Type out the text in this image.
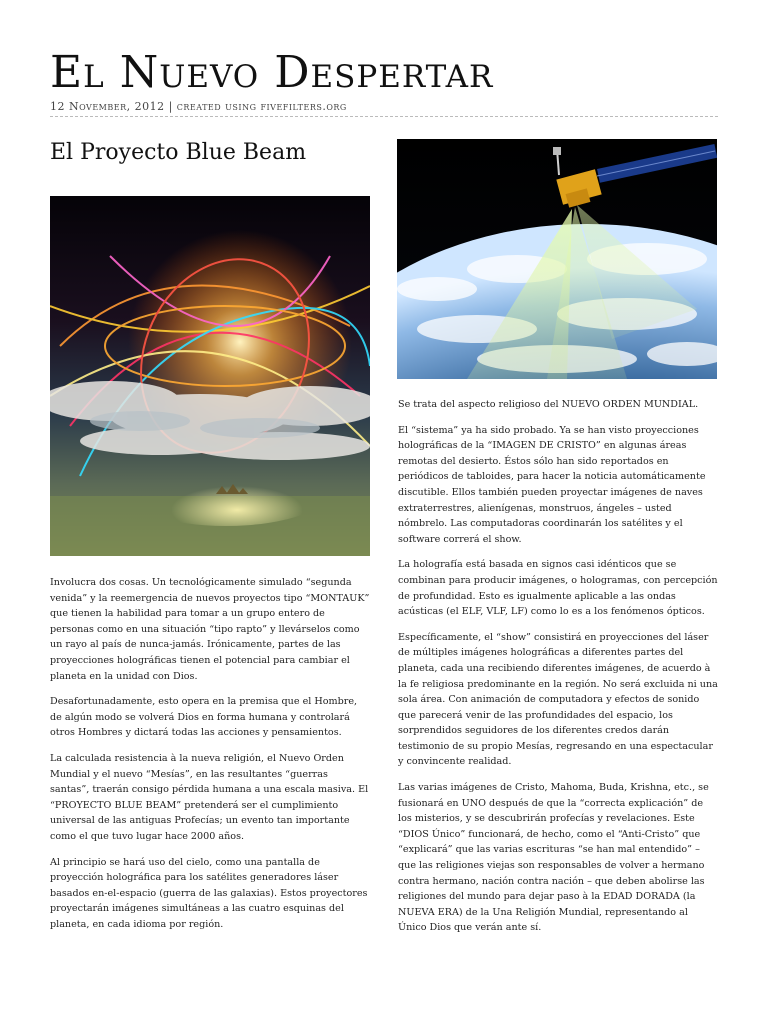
El Nuevo Despertar
12 November, 2012 | created using fivefilters.org
El Proyecto Blue Beam

Involucra dos cosas. Un tecnológicamente simulado “segunda venida” y la reemergencia de nuevos proyectos tipo “MONTAUK” que tienen la habilidad para tomar a un grupo entero de personas como en una situación “tipo rapto” y llevárselos como un rayo al país de nunca-jamás. Irónicamente, partes de las proyecciones holográficas tienen el potencial para cambiar el planeta en la unidad con Dios.

Desafortunadamente, esto opera en la premisa que el Hombre, de algún modo se volverá Dios en forma humana y controlará otros Hombres y dictará todas las acciones y pensamientos.

La calculada resistencia à la nueva religión, el Nuevo Orden Mundial y el nuevo “Mesías”, en las resultantes “guerras santas”, traerán consigo pérdida humana a una escala masiva. El “PROYECTO BLUE BEAM” pretenderá ser el cumplimiento universal de las antiguas Profecías; un evento tan importante como el que tuvo lugar hace 2000 años.

Al principio se hará uso del cielo, como una pantalla de proyección holográfica para los satélites generadores láser basados en-el-espacio (guerra de las galaxias). Estos proyectores proyectarán imágenes simultáneas a las cuatro esquinas del planeta, en cada idioma por región.

Se trata del aspecto religioso del NUEVO ORDEN MUNDIAL.

El “sistema” ya ha sido probado. Ya se han visto proyecciones holográficas de la “IMAGEN DE CRISTO” en algunas áreas remotas del desierto. Éstos sólo han sido reportados en periódicos de tabloides, para hacer la noticia automáticamente discutible. Ellos también pueden proyectar imágenes de naves extraterrestres, alienígenas, monstruos, ángeles – usted nómbrelo. Las computadoras coordinarán los satélites y el software correrá el show.

La holografía está basada en signos casi idénticos que se combinan para producir imágenes, o hologramas, con percepción de profundidad. Esto es igualmente aplicable a las ondas acústicas (el ELF, VLF, LF) como lo es a los fenómenos ópticos.

Específicamente, el “show” consistirá en proyecciones del láser de múltiples imágenes holográficas a diferentes partes del planeta, cada una recibiendo diferentes imágenes, de acuerdo à la fe religiosa predominante en la región. No será excluida ni una sola área. Con animación de computadora y efectos de sonido que parecerá venir de las profundidades del espacio, los sorprendidos seguidores de los diferentes credos darán testimonio de su propio Mesías, regresando en una espectacular y convincente realidad.

Las varias imágenes de Cristo, Mahoma, Buda, Krishna, etc., se fusionará en UNO después de que la “correcta explicación” de los misterios, y se descubrirán profecías y revelaciones. Este “DIOS Único” funcionará, de hecho, como el “Anti-Cristo” que “explicará” que las varias escrituras “se han mal entendido” – que las religiones viejas son responsables de volver a hermano contra hermano, nación contra nación – que deben abolirse las religiones del mundo para dejar paso à la EDAD DORADA (la NUEVA ERA) de la Una Religión Mundial, representando al Único Dios que verán ante sí.
